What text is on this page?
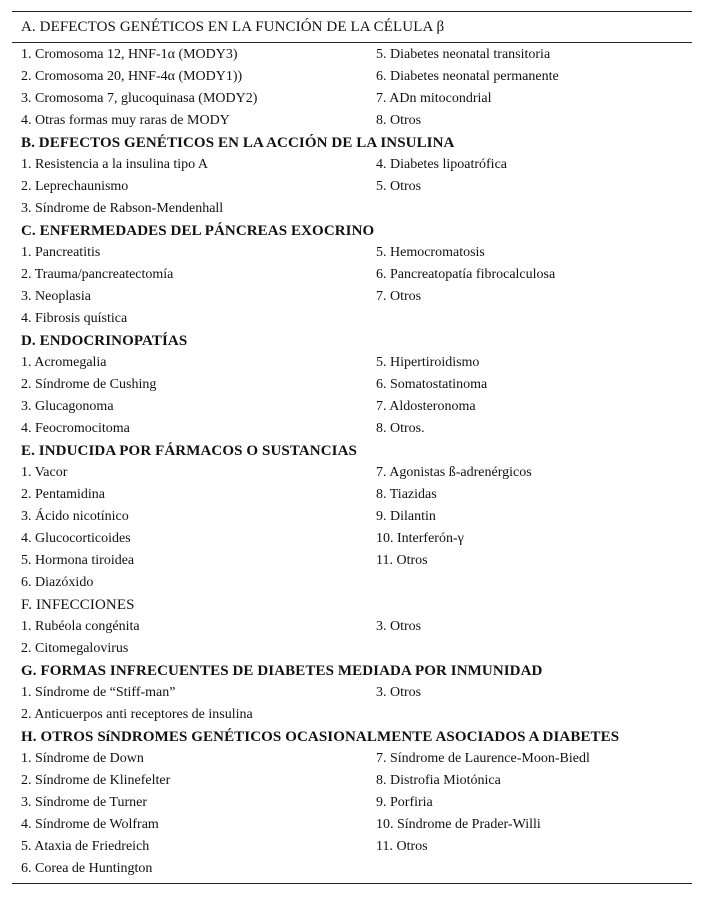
A. DEFECTOS GENÉTICOS EN LA FUNCIÓN DE LA CÉLULA β
1. Cromosoma 12, HNF-1α (MODY3)	5. Diabetes neonatal transitoria
2. Cromosoma 20, HNF-4α (MODY1))	6. Diabetes neonatal permanente
3. Cromosoma 7, glucoquinasa (MODY2)	7. ADn mitocondrial
4. Otras formas muy raras de MODY	8. Otros
B. DEFECTOS GENÉTICOS EN LA ACCIÓN DE LA INSULINA
1. Resistencia a la insulina tipo A	4. Diabetes lipoatrófica
2. Leprechaunismo	5. Otros
3. Síndrome de Rabson-Mendenhall
C. ENFERMEDADES DEL PÁNCREAS EXOCRINO
1. Pancreatitis	5. Hemocromatosis
2. Trauma/pancreatectomía	6. Pancreatopatía fibrocalculosa
3. Neoplasia	7. Otros
4. Fibrosis quística
D. ENDOCRINOPATÍAS
1. Acromegalia	5. Hipertiroidismo
2. Síndrome de Cushing	6. Somatostatinoma
3. Glucagonoma	7. Aldosteronoma
4. Feocromocitoma	8. Otros.
E. INDUCIDA POR FÁRMACOS O SUSTANCIAS
1. Vacor	7. Agonistas ß-adrenérgicos
2. Pentamidina	8. Tiazidas
3. Ácido nicotínico	9. Dilantin
4. Glucocorticoides	10. Interferón-γ
5. Hormona tiroidea	11. Otros
6. Diazóxido
F. INFECCIONES
1. Rubéola congénita	3. Otros
2. Citomegalovirus
G. FORMAS INFRECUENTES DE DIABETES MEDIADA POR INMUNIDAD
1. Síndrome de “Stiff-man”	3. Otros
2. Anticuerpos anti receptores de insulina
H. OTROS SíNDROMES GENÉTICOS OCASIONALMENTE ASOCIADOS A DIABETES
1. Síndrome de Down	7. Síndrome de Laurence-Moon-Biedl
2. Síndrome de Klinefelter	8. Distrofia Miotónica
3. Síndrome de Turner	9. Porfiria
4. Síndrome de Wolfram	10. Síndrome de Prader-Willi
5. Ataxia de Friedreich	11. Otros
6. Corea de Huntington
